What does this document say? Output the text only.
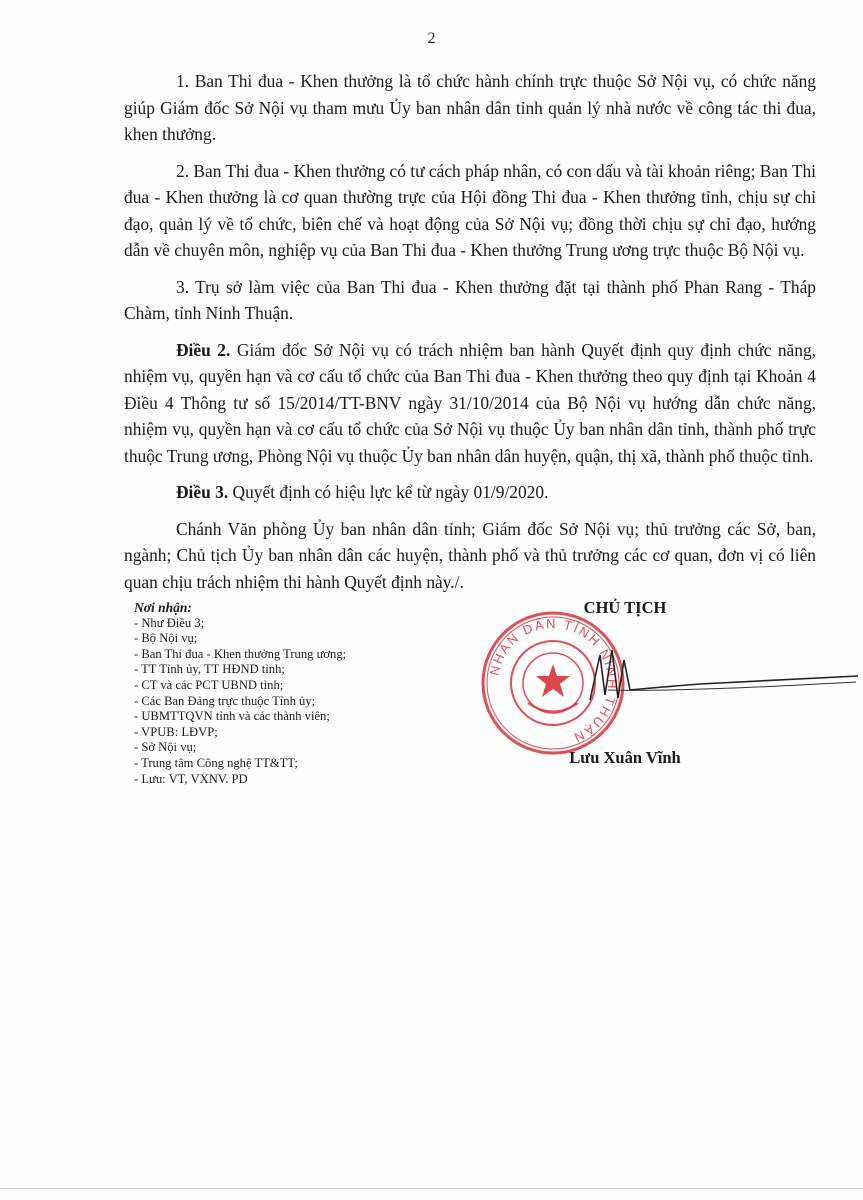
2

1. Ban Thi đua - Khen thưởng là tổ chức hành chính trực thuộc Sở Nội vụ, có chức năng giúp Giám đốc Sở Nội vụ tham mưu Ủy ban nhân dân tỉnh quản lý nhà nước về công tác thi đua, khen thưởng.

2. Ban Thi đua - Khen thưởng có tư cách pháp nhân, có con dấu và tài khoản riêng; Ban Thi đua - Khen thưởng là cơ quan thường trực của Hội đồng Thi đua - Khen thưởng tỉnh, chịu sự chỉ đạo, quản lý về tổ chức, biên chế và hoạt động của Sở Nội vụ; đồng thời chịu sự chỉ đạo, hướng dẫn về chuyên môn, nghiệp vụ của Ban Thi đua - Khen thưởng Trung ương trực thuộc Bộ Nội vụ.

3. Trụ sở làm việc của Ban Thi đua - Khen thưởng đặt tại thành phố Phan Rang - Tháp Chàm, tỉnh Ninh Thuận.

Điều 2. Giám đốc Sở Nội vụ có trách nhiệm ban hành Quyết định quy định chức năng, nhiệm vụ, quyền hạn và cơ cấu tổ chức của Ban Thi đua - Khen thưởng theo quy định tại Khoản 4 Điều 4 Thông tư số 15/2014/TT-BNV ngày 31/10/2014 của Bộ Nội vụ hướng dẫn chức năng, nhiệm vụ, quyền hạn và cơ cấu tổ chức của Sở Nội vụ thuộc Ủy ban nhân dân tỉnh, thành phố trực thuộc Trung ương, Phòng Nội vụ thuộc Ủy ban nhân dân huyện, quận, thị xã, thành phố thuộc tỉnh.

Điều 3. Quyết định có hiệu lực kể từ ngày 01/9/2020.

Chánh Văn phòng Ủy ban nhân dân tỉnh; Giám đốc Sở Nội vụ; thủ trưởng các Sở, ban, ngành; Chủ tịch Ủy ban nhân dân các huyện, thành phố và thủ trưởng các cơ quan, đơn vị có liên quan chịu trách nhiệm thi hành Quyết định này./.

Nơi nhận:
- Như Điều 3;
- Bộ Nội vụ;
- Ban Thi đua - Khen thưởng Trung ương;
- TT Tỉnh ủy, TT HĐND tỉnh;
- CT và các PCT UBND tỉnh;
- Các Ban Đảng trực thuộc Tỉnh ủy;
- UBMTTQVN tỉnh và các thành viên;
- VPUB: LĐVP;
- Sở Nội vụ;
- Trung tâm Công nghệ TT&TT;
- Lưu: VT, VXNV. PD
CHỦ TỊCH
NHÂN DÂN TỈNH NINH THUẬN
Lưu Xuân Vĩnh
